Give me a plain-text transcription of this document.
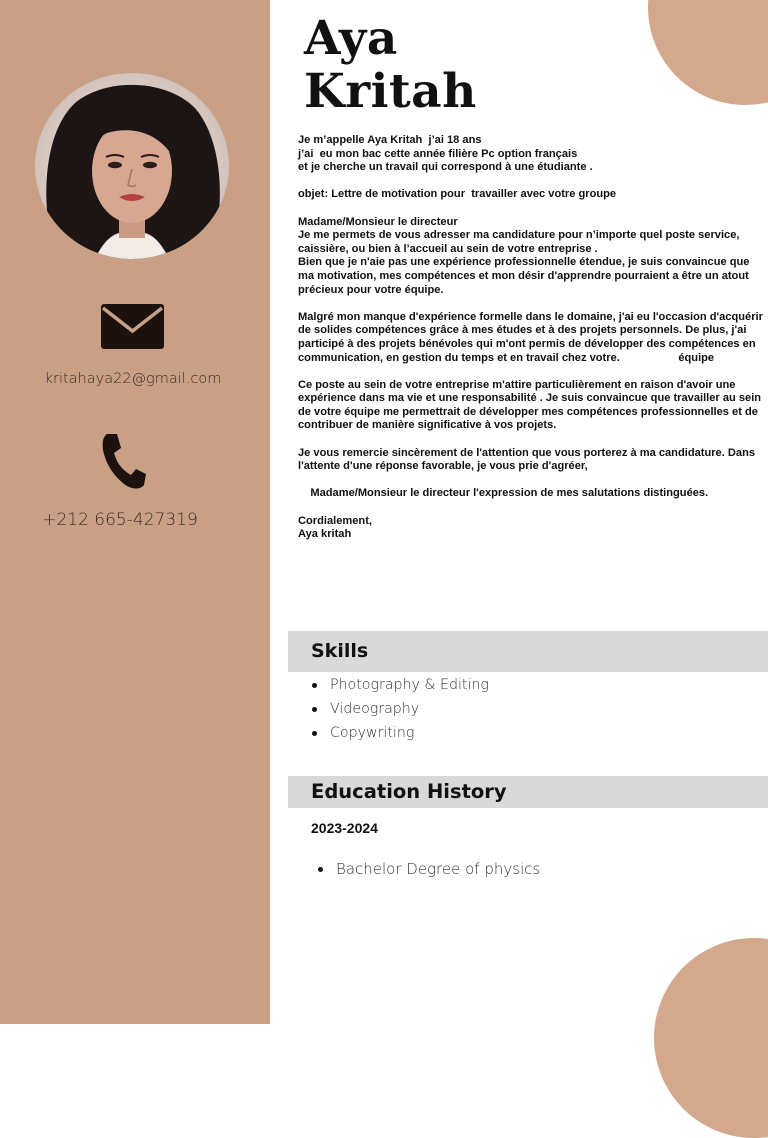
kritahaya22@gmail.com
+212 665-427319
Aya
Kritah

Je m’appelle Aya Kritah  j’ai 18 ans

j’ai  eu mon bac cette année filière Pc option français

et je cherche un travail qui correspond à une étudiante .

objet: Lettre de motivation pour  travailler avec votre groupe

Madame/Monsieur le directeur

Je me permets de vous adresser ma candidature pour n’importe quel poste service, caissière, ou bien à l’accueil au sein de votre entreprise .
Bien que je n'aie pas une expérience professionnelle étendue, je suis convaincue que ma motivation, mes compétences et mon désir d'apprendre pourraient a être un atout précieux pour votre équipe.

Malgré mon manque d'expérience formelle dans le domaine, j'ai eu l'occasion d'acquérir de solides compétences grâce à mes études et à des projets personnels. De plus, j'ai participé à des projets bénévoles qui m'ont permis de développer des compétences en communication, en gestion du temps et en travail chez votre.                   équipe

Ce poste au sein de votre entreprise m'attire particulièrement en raison d'avoir une expérience dans ma vie et une responsabilité . Je suis convaincue que travailler au sein de votre équipe me permettrait de développer mes compétences professionnelles et de contribuer de manière significative à vos projets.

Je vous remercie sincèrement de l'attention que vous porterez à ma candidature. Dans l'attente d'une réponse favorable, je vous prie d'agréer,

Madame/Monsieur le directeur l'expression de mes salutations distinguées.

Cordialement,

Aya kritah

Skills
Photography & Editing
Videography
Copywriting
Education History
2023-2024
Bachelor Degree of physics
